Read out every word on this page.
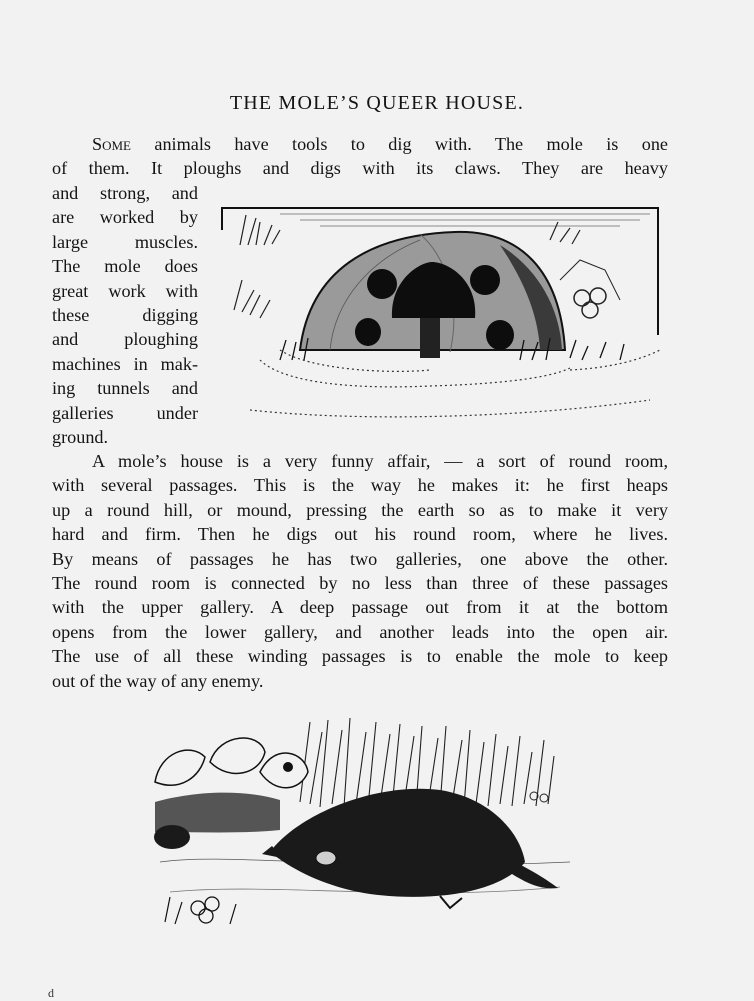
THE MOLE’S QUEER HOUSE.
Some animals have tools to dig with. The mole is one
of them. It ploughs and digs with its claws. They are heavy
and strong, and
are worked by
large muscles.
The mole does
great work with
these digging
and ploughing
machines in mak-
ing tunnels and
galleries under
ground.
A mole’s house is a very funny affair, — a sort of round room,
with several passages. This is the way he makes it: he first heaps
up a round hill, or mound, pressing the earth so as to make it very
hard and firm. Then he digs out his round room, where he lives.
By means of passages he has two galleries, one above the other.
The round room is connected by no less than three of these passages
with the upper gallery. A deep passage out from it at the bottom
opens from the lower gallery, and another leads into the open air.
The use of all these winding passages is to enable the mole to keep
out of the way of any enemy.
d
